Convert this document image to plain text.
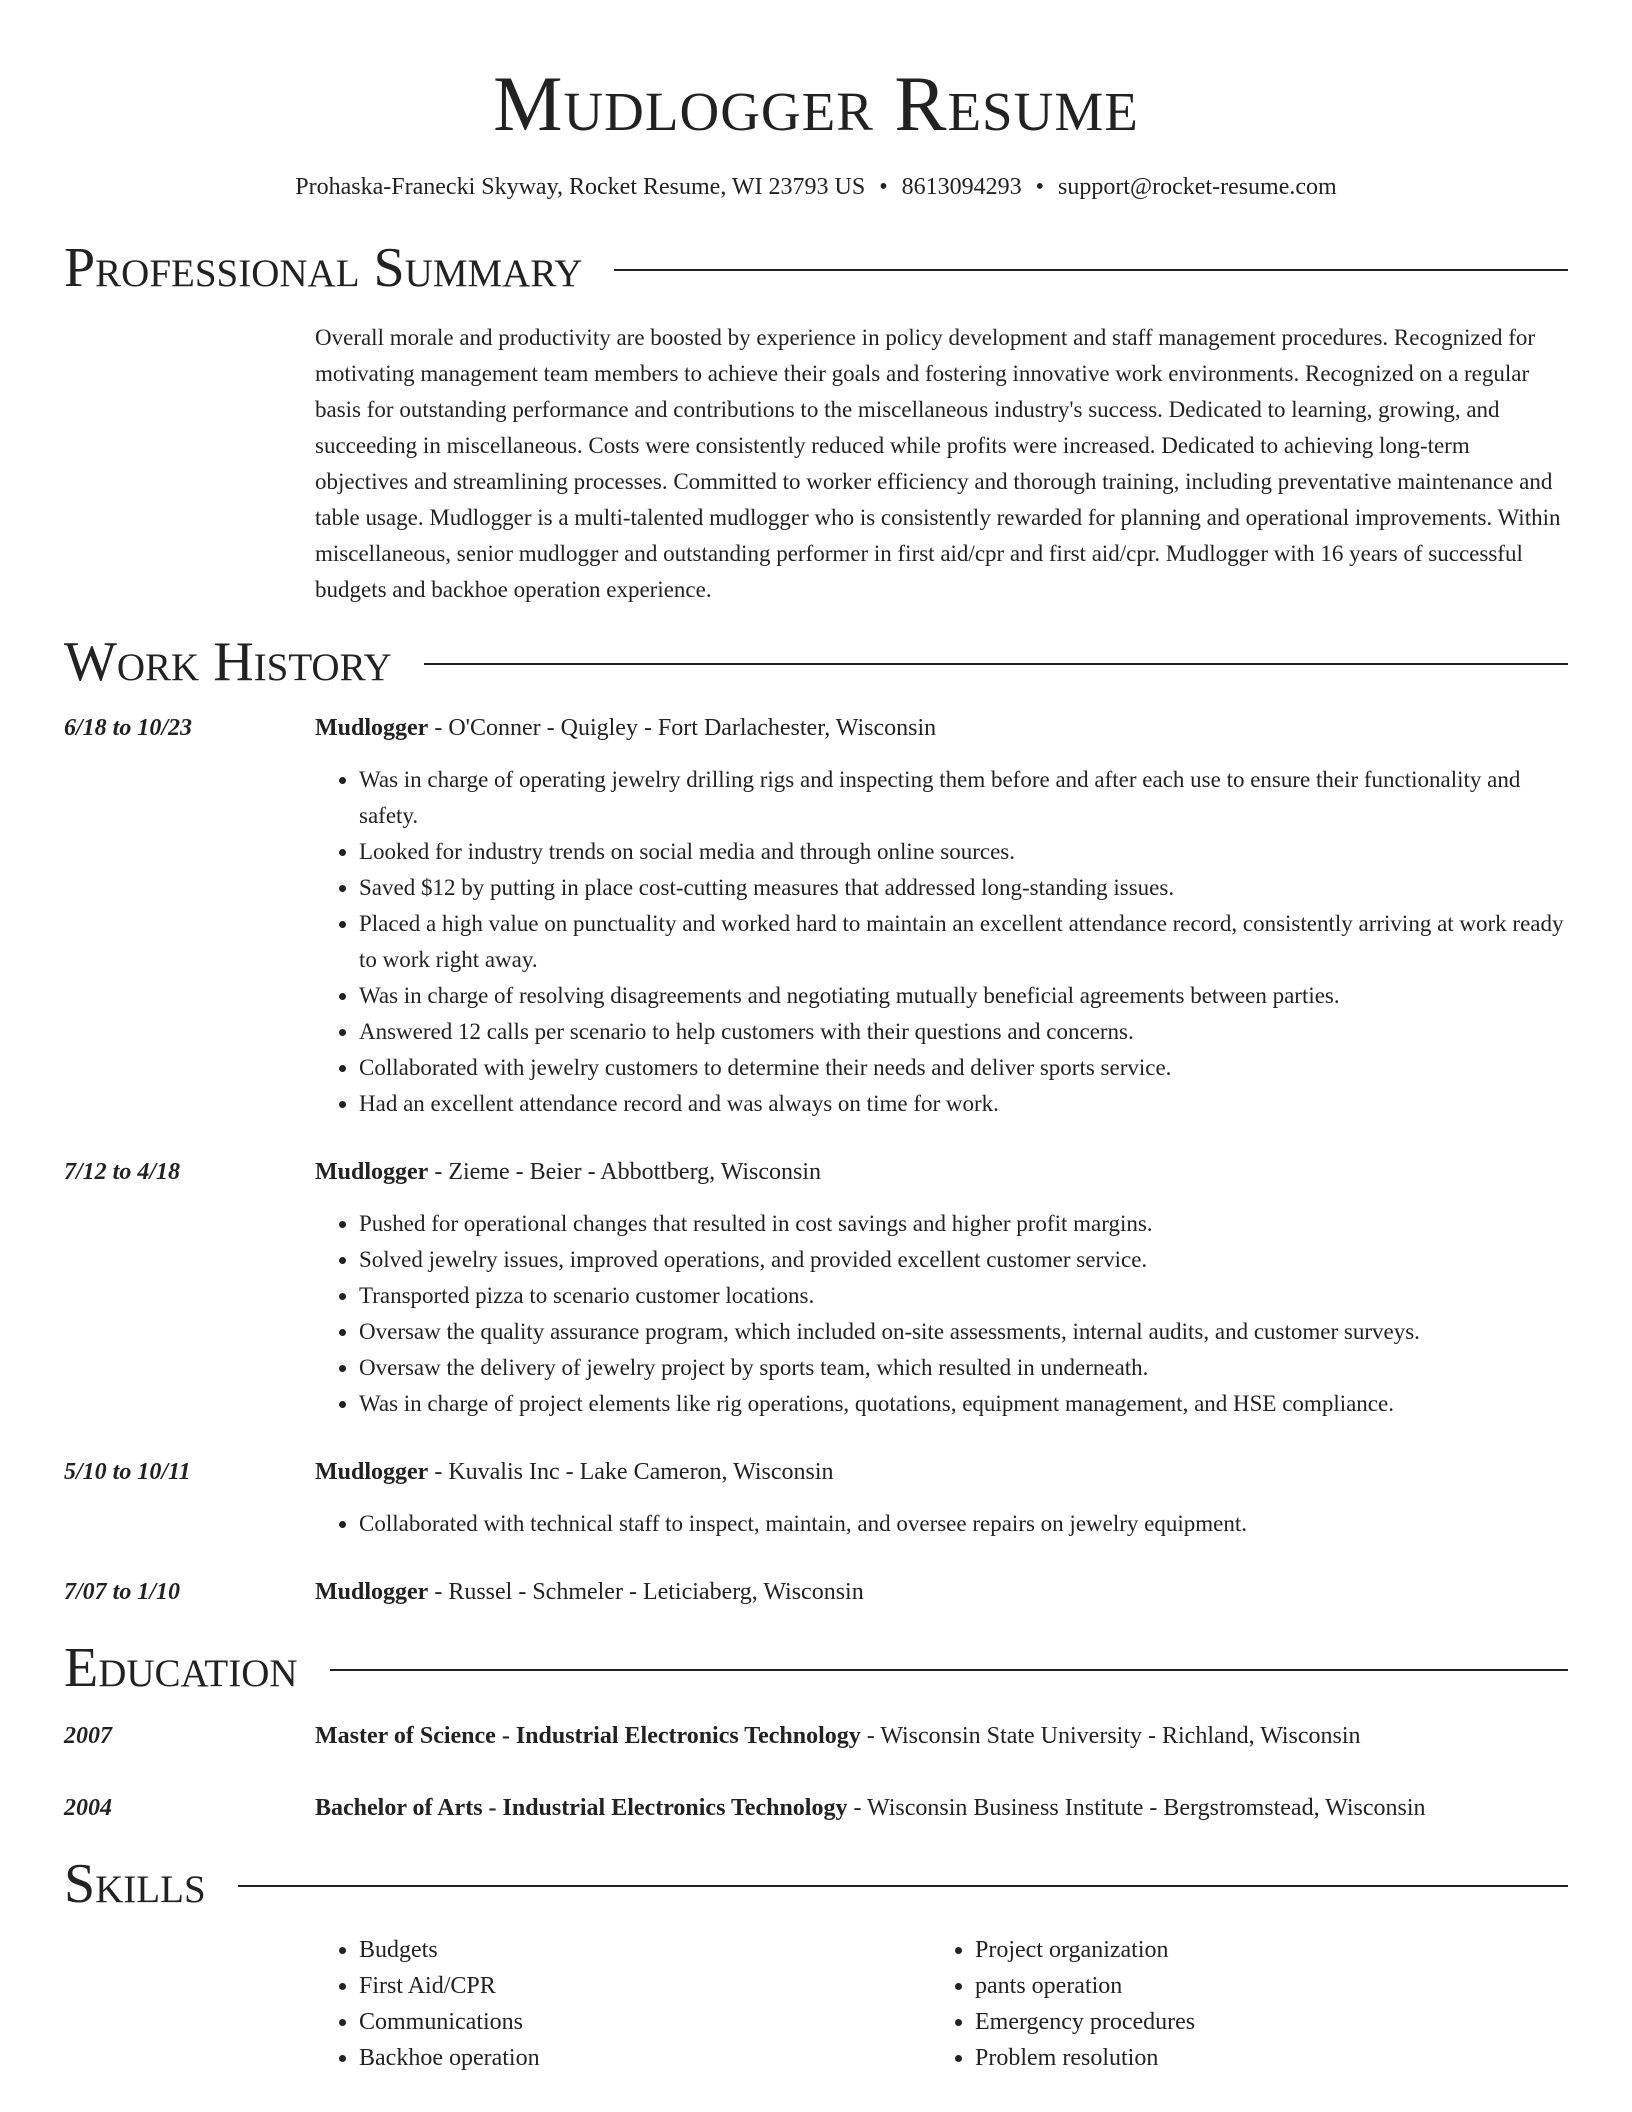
Mudlogger Resume
Prohaska-Franecki Skyway, Rocket Resume, WI 23793 US • 8613094293 • support@rocket-resume.com
Professional Summary

Overall morale and productivity are boosted by experience in policy development and staff management procedures. Recognized for motivating management team members to achieve their goals and fostering innovative work environments. Recognized on a regular basis for outstanding performance and contributions to the miscellaneous industry's success. Dedicated to learning, growing, and succeeding in miscellaneous. Costs were consistently reduced while profits were increased. Dedicated to achieving long-term objectives and streamlining processes. Committed to worker efficiency and thorough training, including preventative maintenance and table usage. Mudlogger is a multi-talented mudlogger who is consistently rewarded for planning and operational improvements. Within miscellaneous, senior mudlogger and outstanding performer in first aid/cpr and first aid/cpr. Mudlogger with 16 years of successful budgets and backhoe operation experience.

Work History
6/18 to 10/23	Mudlogger - O'Conner - Quigley - Fort Darlachester, Wisconsin
• Was in charge of operating jewelry drilling rigs and inspecting them before and after each use to ensure their functionality and safety.
• Looked for industry trends on social media and through online sources.
• Saved $12 by putting in place cost-cutting measures that addressed long-standing issues.
• Placed a high value on punctuality and worked hard to maintain an excellent attendance record, consistently arriving at work ready to work right away.
• Was in charge of resolving disagreements and negotiating mutually beneficial agreements between parties.
• Answered 12 calls per scenario to help customers with their questions and concerns.
• Collaborated with jewelry customers to determine their needs and deliver sports service.
• Had an excellent attendance record and was always on time for work.
7/12 to 4/18	Mudlogger - Zieme - Beier - Abbottberg, Wisconsin
• Pushed for operational changes that resulted in cost savings and higher profit margins.
• Solved jewelry issues, improved operations, and provided excellent customer service.
• Transported pizza to scenario customer locations.
• Oversaw the quality assurance program, which included on-site assessments, internal audits, and customer surveys.
• Oversaw the delivery of jewelry project by sports team, which resulted in underneath.
• Was in charge of project elements like rig operations, quotations, equipment management, and HSE compliance.
5/10 to 10/11	Mudlogger - Kuvalis Inc - Lake Cameron, Wisconsin
• Collaborated with technical staff to inspect, maintain, and oversee repairs on jewelry equipment.
7/07 to 1/10	Mudlogger - Russel - Schmeler - Leticiaberg, Wisconsin
Education
2007	Master of Science - Industrial Electronics Technology - Wisconsin State University - Richland, Wisconsin
2004	Bachelor of Arts - Industrial Electronics Technology - Wisconsin Business Institute - Bergstromstead, Wisconsin
Skills
• Budgets
• First Aid/CPR
• Communications
• Backhoe operation
• Project organization
• pants operation
• Emergency procedures
• Problem resolution
